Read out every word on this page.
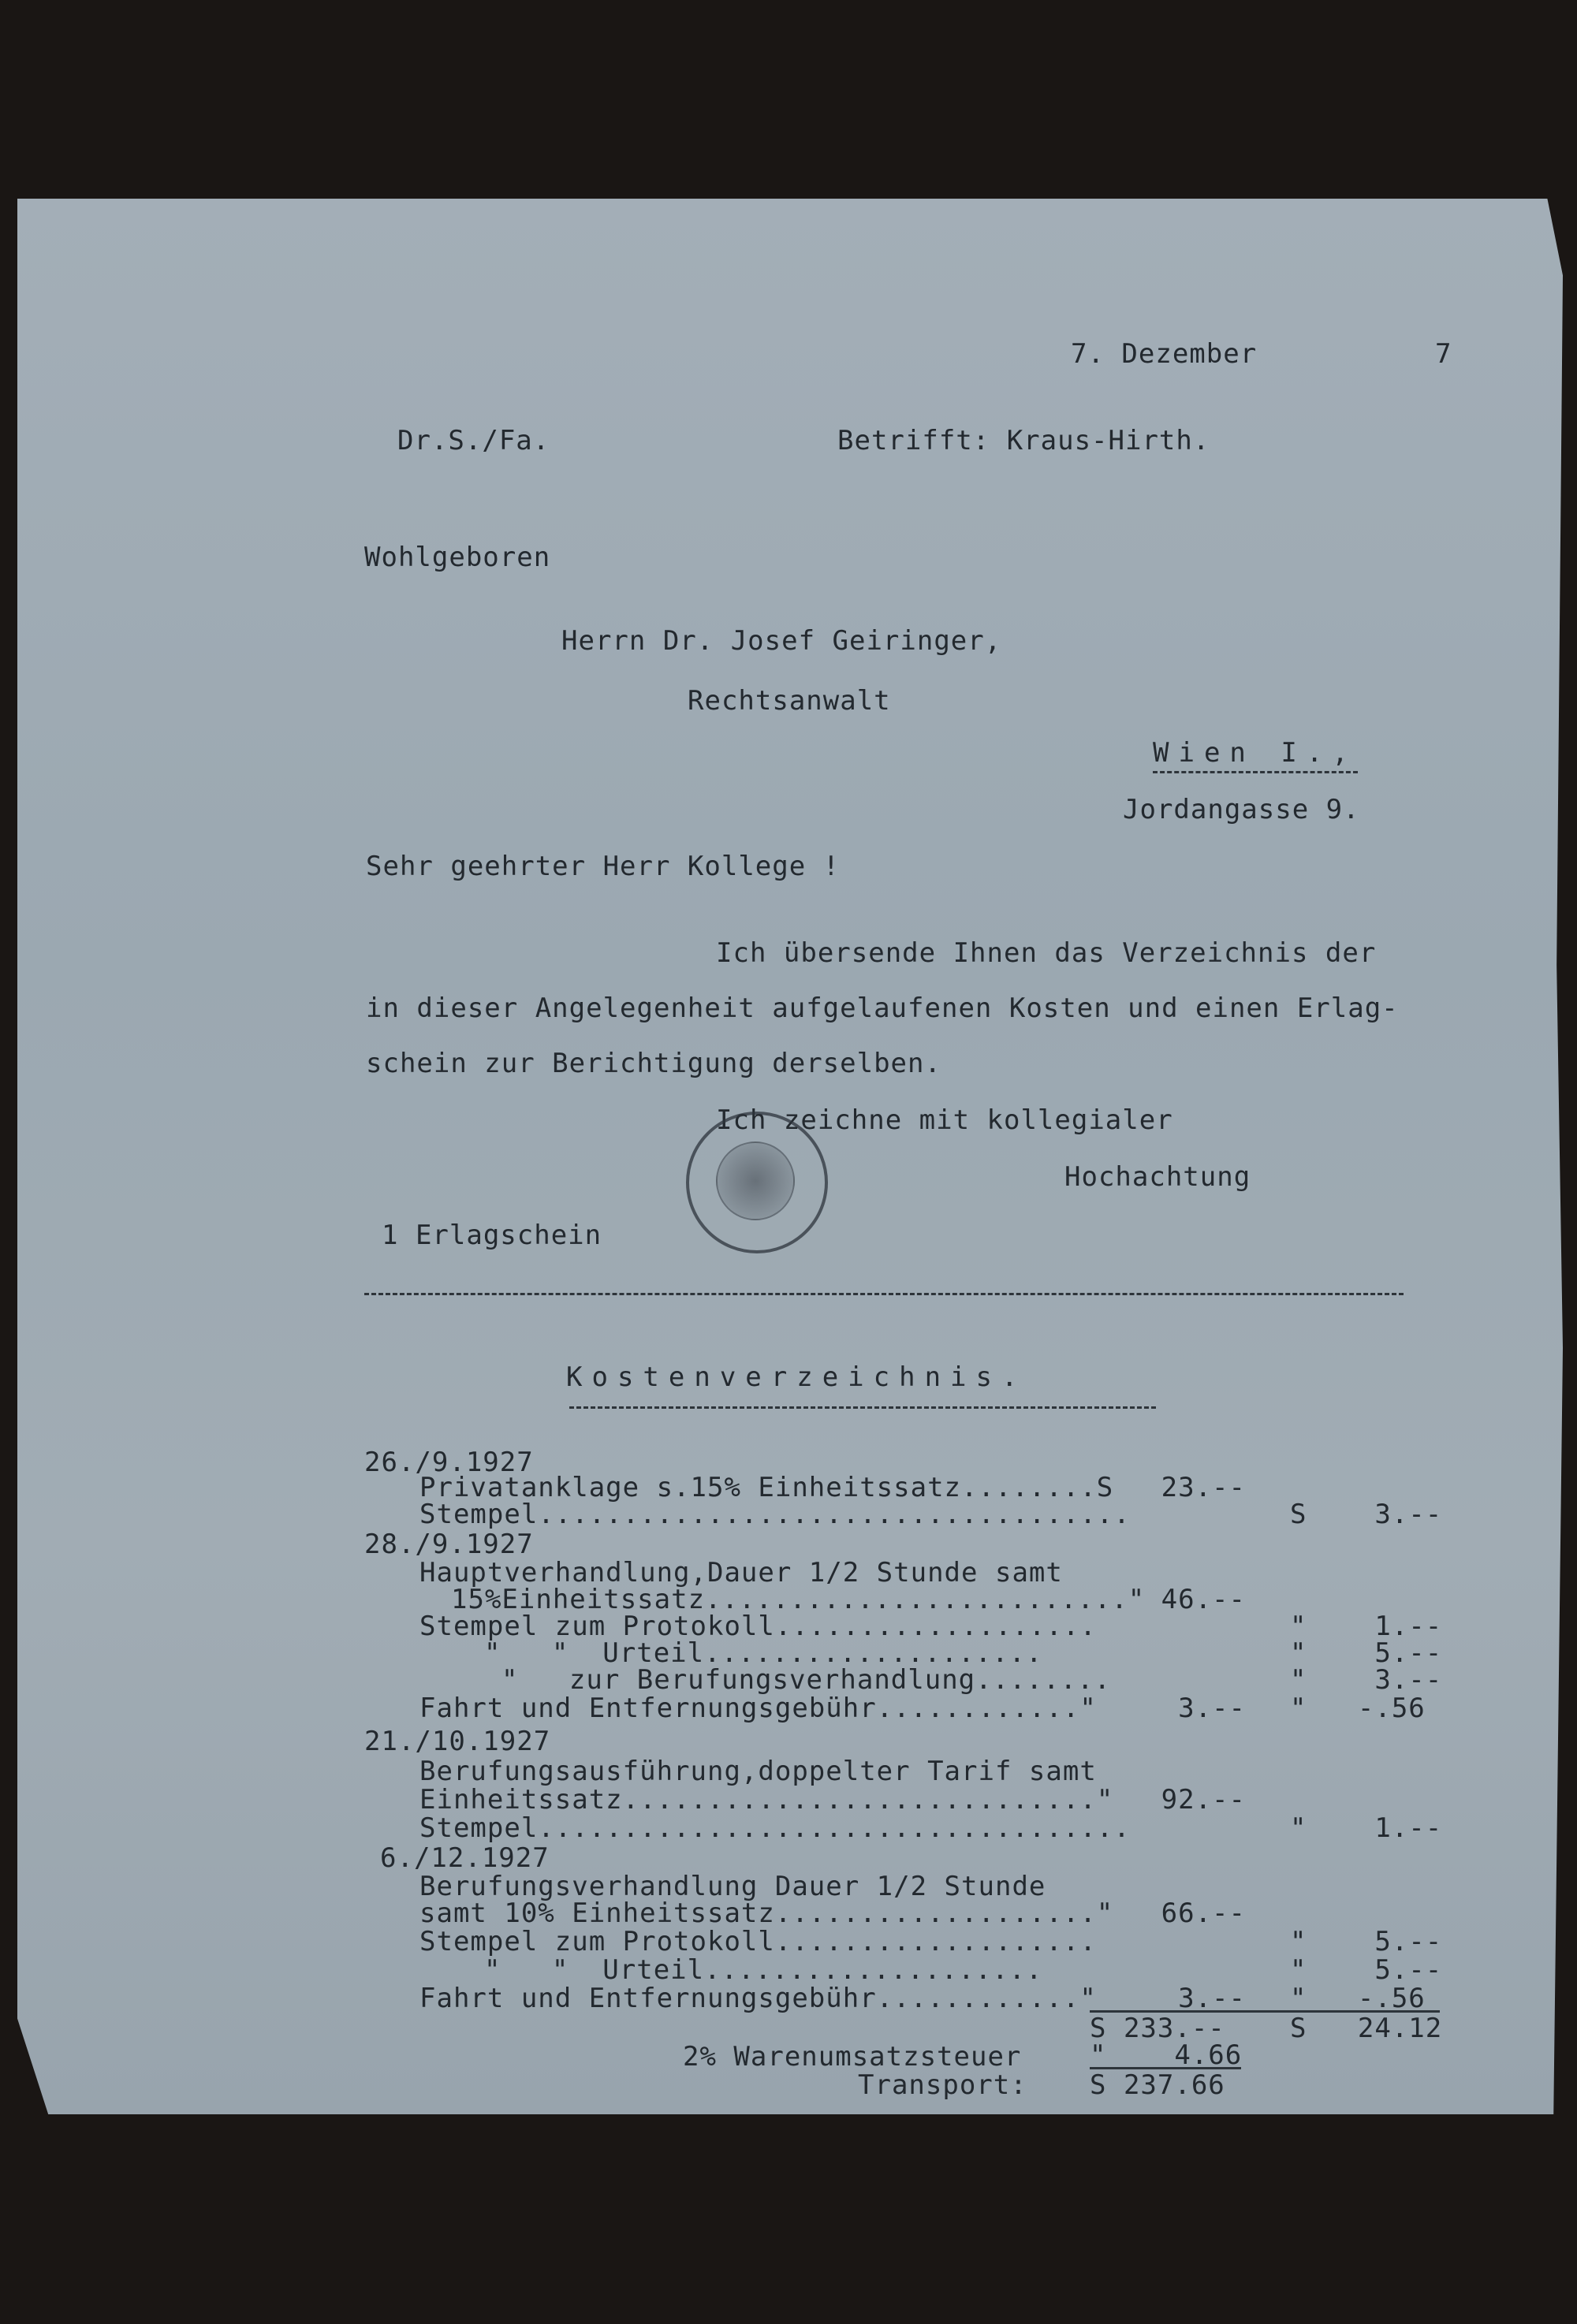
7. Dezember	7
Dr.S./Fa.	Betrifft: Kraus-Hirth.
Wohlgeboren
Herrn Dr. Josef Geiringer,
Rechtsanwalt
Wien I.,
Jordangasse 9.
Sehr geehrter Herr Kollege !
Ich übersende Ihnen das Verzeichnis der
in dieser Angelegenheit aufgelaufenen Kosten und einen Erlag-
schein zur Berichtigung derselben.
Ich zeichne mit kollegialer
Hochachtung
1 Erlagschein
Kostenverzeichnis.
26./9.1927
Privatanklage s.15% Einheitssatz........S	23.--
Stempel...................................	S    3.--
28./9.1927
Hauptverhandlung,Dauer 1/2 Stunde samt
15%Einheitssatz........................." 46.--
Stempel zum Protokoll...................	"    1.--
"   "  Urteil....................	"    5.--
"   zur Berufungsverhandlung........	"    3.--
Fahrt und Entfernungsgebühr............"	3.-- "   -.56
21./10.1927
Berufungsausführung,doppelter Tarif samt
Einheitssatz............................"	92.--
Stempel...................................	"    1.--
6./12.1927
Berufungsverhandlung Dauer 1/2 Stunde
samt 10% Einheitssatz..................."	66.--
Stempel zum Protokoll...................	"    5.--
"   "  Urteil....................	"    5.--
Fahrt und Entfernungsgebühr............"	3.-- "   -.56
S 233.-- S   24.12
2% Warenumsatzsteuer	"    4.66
Transport: S 237.66
